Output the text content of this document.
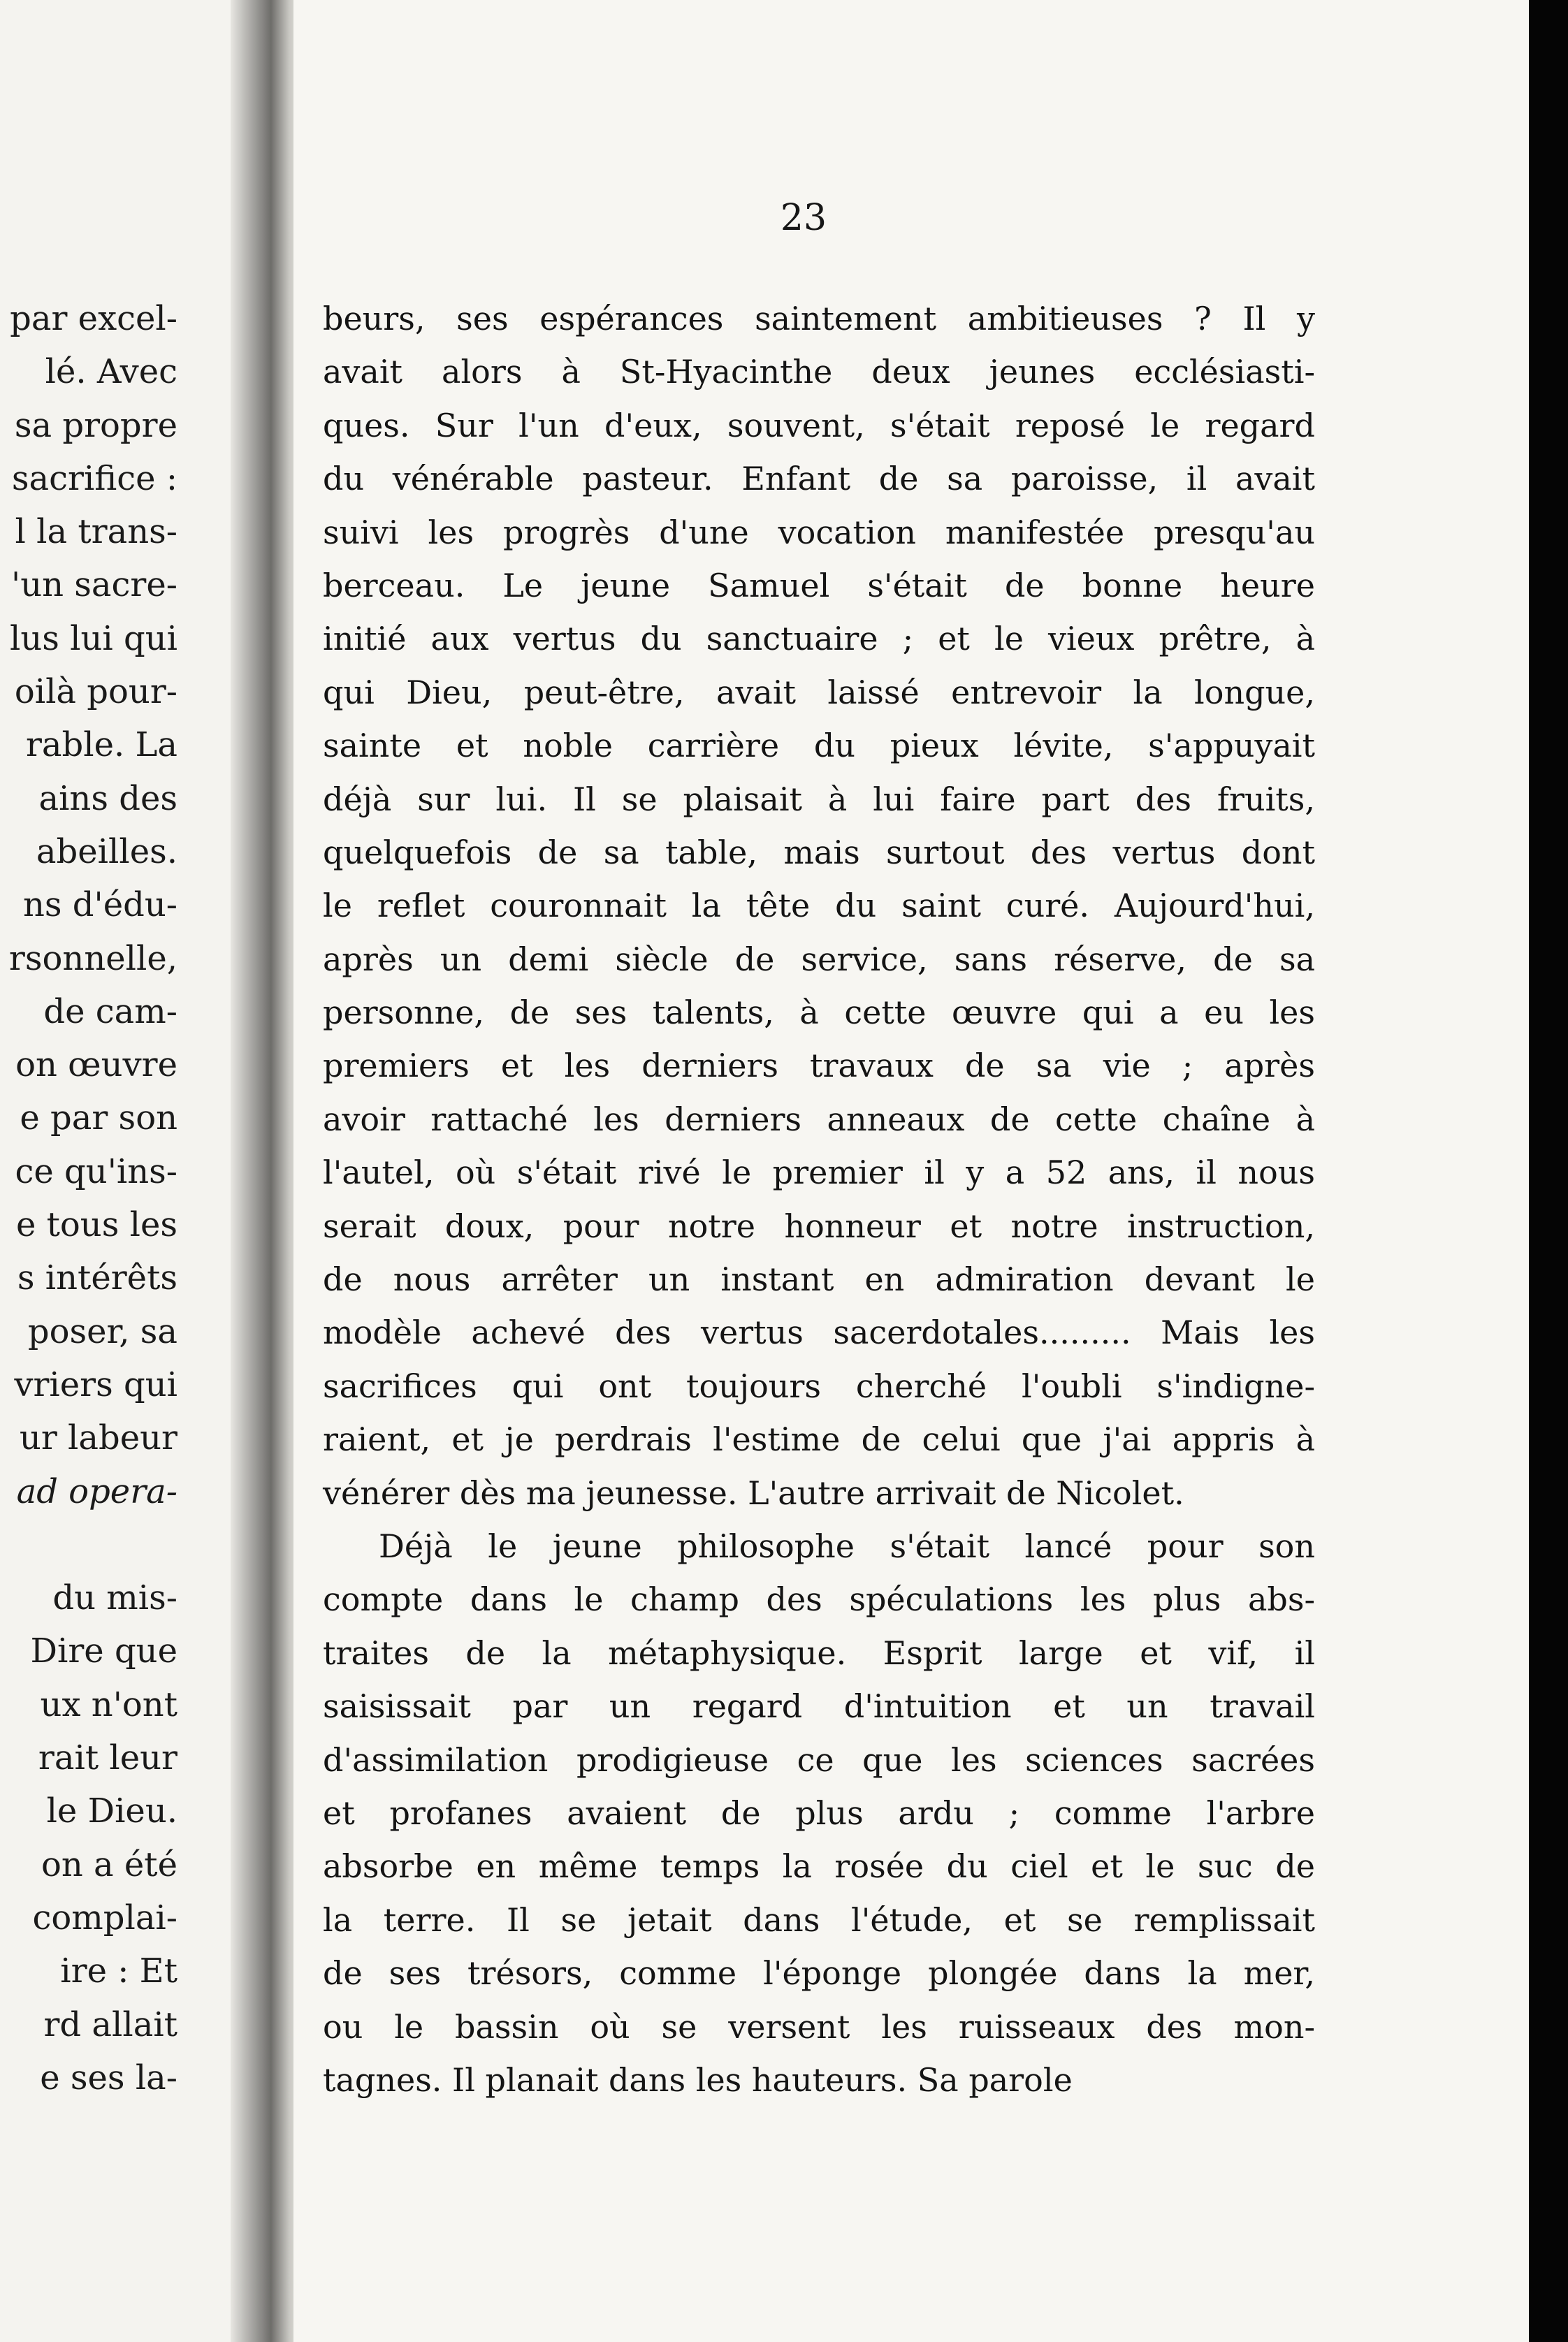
par excel-
lé. Avec
sa propre
sacrifice :
l la trans-
'un sacre-
lus lui qui
oilà pour-
rable. La
ains des
abeilles.
ns d'édu-
rsonnelle,
de cam-
on œuvre
e par son
ce qu'ins-
e tous les
s intérêts
poser, sa
vriers qui
ur labeur
ad opera-

du mis-
Dire que
ux n'ont
rait leur
le Dieu.
on a été
complai-
ire : Et
rd allait
e ses la-
23
beurs, ses espérances saintement ambitieuses ? Il y
avait alors à St-Hyacinthe deux jeunes ecclésiasti-
ques. Sur l'un d'eux, souvent, s'était reposé le regard
du vénérable pasteur. Enfant de sa paroisse, il avait
suivi les progrès d'une vocation manifestée presqu'au
berceau. Le jeune Samuel s'était de bonne heure
initié aux vertus du sanctuaire ; et le vieux prêtre, à
qui Dieu, peut-être, avait laissé entrevoir la longue,
sainte et noble carrière du pieux lévite, s'appuyait
déjà sur lui. Il se plaisait à lui faire part des fruits,
quelquefois de sa table, mais surtout des vertus dont
le reflet couronnait la tête du saint curé. Aujourd'hui,
après un demi siècle de service, sans réserve, de sa
personne, de ses talents, à cette œuvre qui a eu les
premiers et les derniers travaux de sa vie ; après
avoir rattaché les derniers anneaux de cette chaîne à
l'autel, où s'était rivé le premier il y a 52 ans, il nous
serait doux, pour notre honneur et notre instruction,
de nous arrêter un instant en admiration devant le
modèle achevé des vertus sacerdotales......... Mais les
sacrifices qui ont toujours cherché l'oubli s'indigne-
raient, et je perdrais l'estime de celui que j'ai appris à
vénérer dès ma jeunesse. L'autre arrivait de Nicolet.
Déjà le jeune philosophe s'était lancé pour son
compte dans le champ des spéculations les plus abs-
traites de la métaphysique. Esprit large et vif, il
saisissait par un regard d'intuition et un travail
d'assimilation prodigieuse ce que les sciences sacrées
et profanes avaient de plus ardu ; comme l'arbre
absorbe en même temps la rosée du ciel et le suc de
la terre. Il se jetait dans l'étude, et se remplissait
de ses trésors, comme l'éponge plongée dans la mer,
ou le bassin où se versent les ruisseaux des mon-
tagnes. Il planait dans les hauteurs. Sa parole
